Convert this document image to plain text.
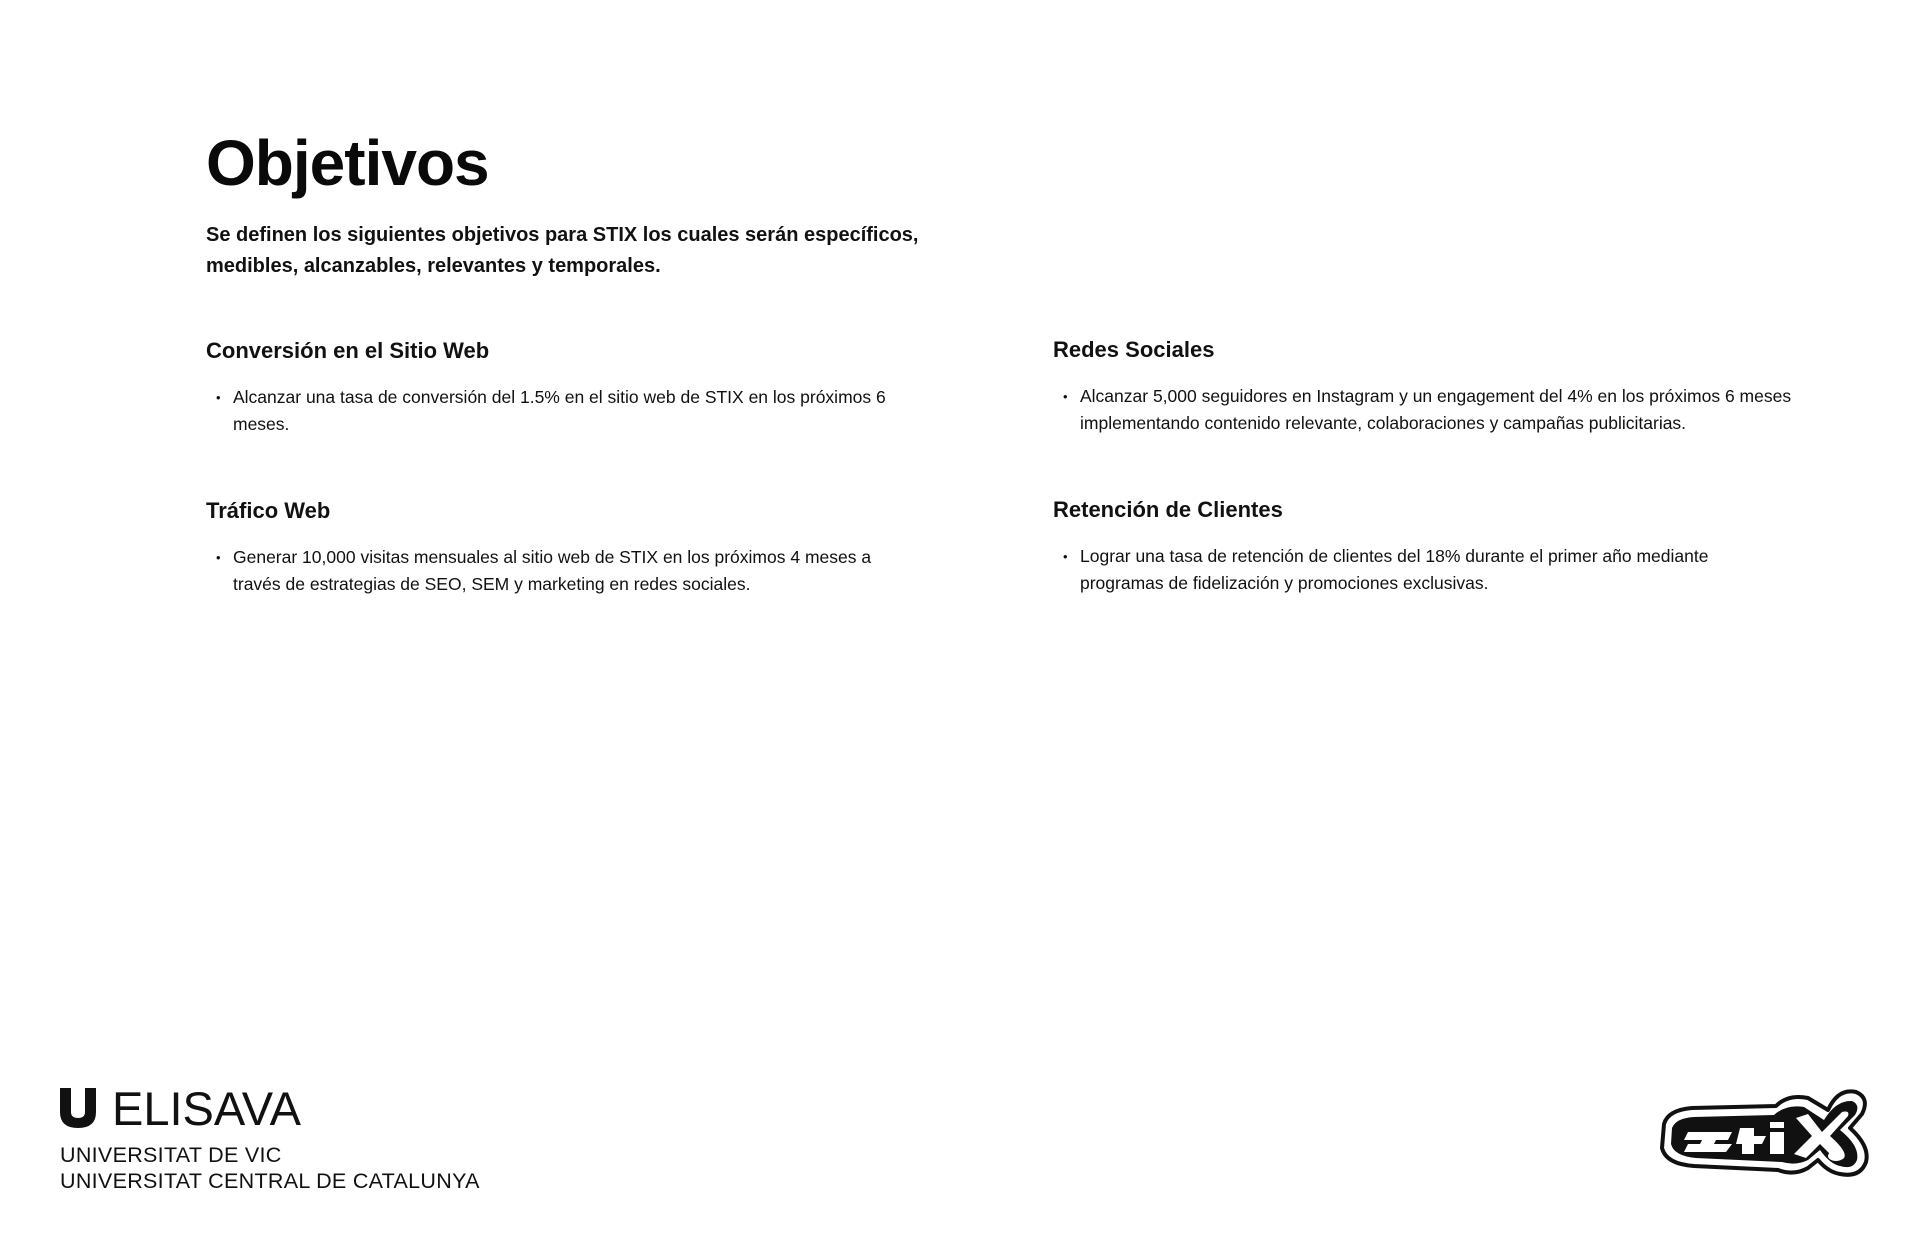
Objetivos

Se definen los siguientes objetivos para STIX los cuales serán específicos, medibles, alcanzables, relevantes y temporales.

Conversión en el Sitio Web
• Alcanzar una tasa de conversión del 1.5% en el sitio web de STIX en los próximos 6 meses.
Tráfico Web
• Generar 10,000 visitas mensuales al sitio web de STIX en los próximos 4 meses a través de estrategias de SEO, SEM y marketing en redes sociales.
Redes Sociales
• Alcanzar 5,000 seguidores en Instagram y un engagement del 4% en los próximos 6 meses implementando contenido relevante, colaboraciones y campañas publicitarias.
Retención de Clientes
• Lograr una tasa de retención de clientes del 18% durante el primer año mediante programas de fidelización y promociones exclusivas.
ELISAVA
UNIVERSITAT DE VIC
UNIVERSITAT CENTRAL DE CATALUNYA
